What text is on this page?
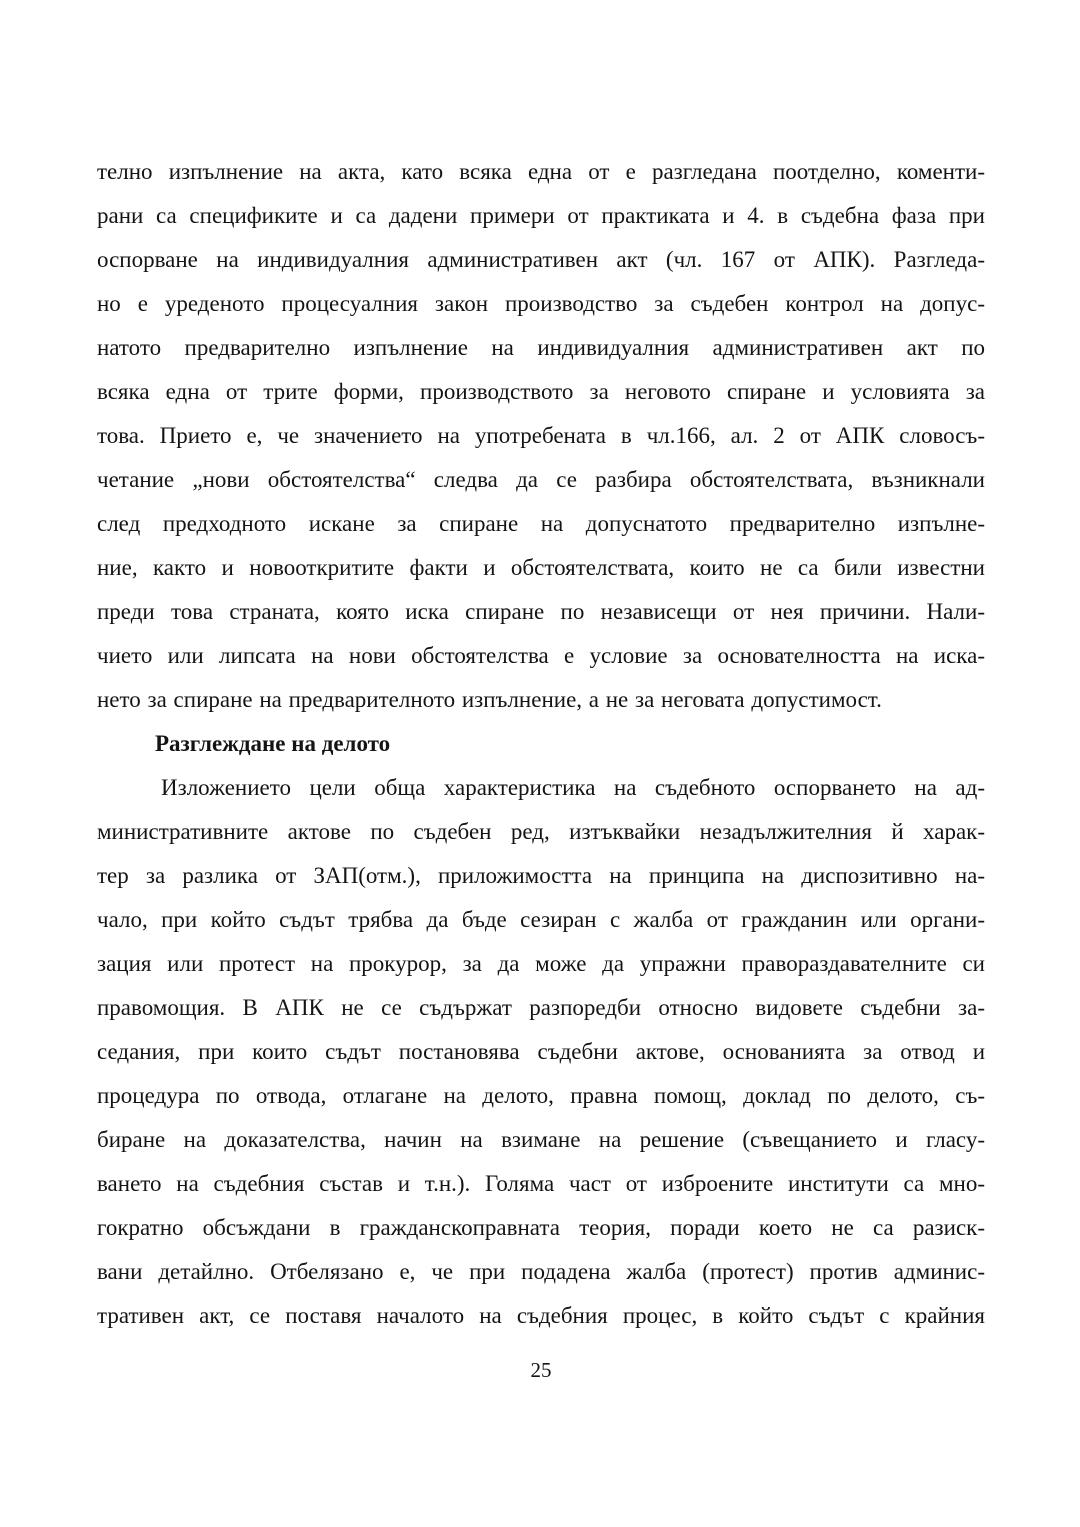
телно изпълнение на акта, като всяка една от е разгледана поотделно, коменти-
рани са спецификите и са дадени примери от практиката и 4. в съдебна фаза при
оспорване на индивидуалния административен акт (чл. 167 от АПК). Разгледа-
но е уреденото процесуалния закон производство за съдебен контрол на допус-
натото предварително изпълнение на индивидуалния административен акт по
всяка една от трите форми, производството за неговото спиране и условията за
това. Прието е, че значението на употребената в чл.166, ал. 2 от АПК словосъ-
четание „нови обстоятелства“ следва да се разбира обстоятелствата, възникнали
след предходното искане за спиране на допуснатото предварително изпълне-
ние, както и новооткритите факти и обстоятелствата, които не са били известни
преди това страната, която иска спиране по независещи от нея причини. Нали-
чието или липсата на нови обстоятелства е условие за основателността на иска-
нето за спиране на предварителното изпълнение, а не за неговата допустимост.
Разглеждане на делото
Изложението цели обща характеристика на съдебното оспорването на ад-
министративните актове по съдебен ред, изтъквайки незадължителния й харак-
тер за разлика от ЗАП(отм.), приложимостта на принципа на диспозитивно на-
чало, при който съдът трябва да бъде сезиран с жалба от гражданин или органи-
зация или протест на прокурор, за да може да упражни правораздавателните си
правомощия. В АПК не се съдържат разпоредби относно видовете съдебни за-
седания, при които съдът постановява съдебни актове, основанията за отвод и
процедура по отвода, отлагане на делото, правна помощ, доклад по делото, съ-
биране на доказателства, начин на взимане на решение (съвещанието и гласу-
ването на съдебния състав и т.н.). Голяма част от изброените институти са мно-
гократно обсъждани в гражданскоправната теория, поради което не са разиск-
вани детайлно. Отбелязано е, че при подадена жалба (протест) против админис-
тративен акт, се поставя началото на съдебния процес, в който съдът с крайния
25
